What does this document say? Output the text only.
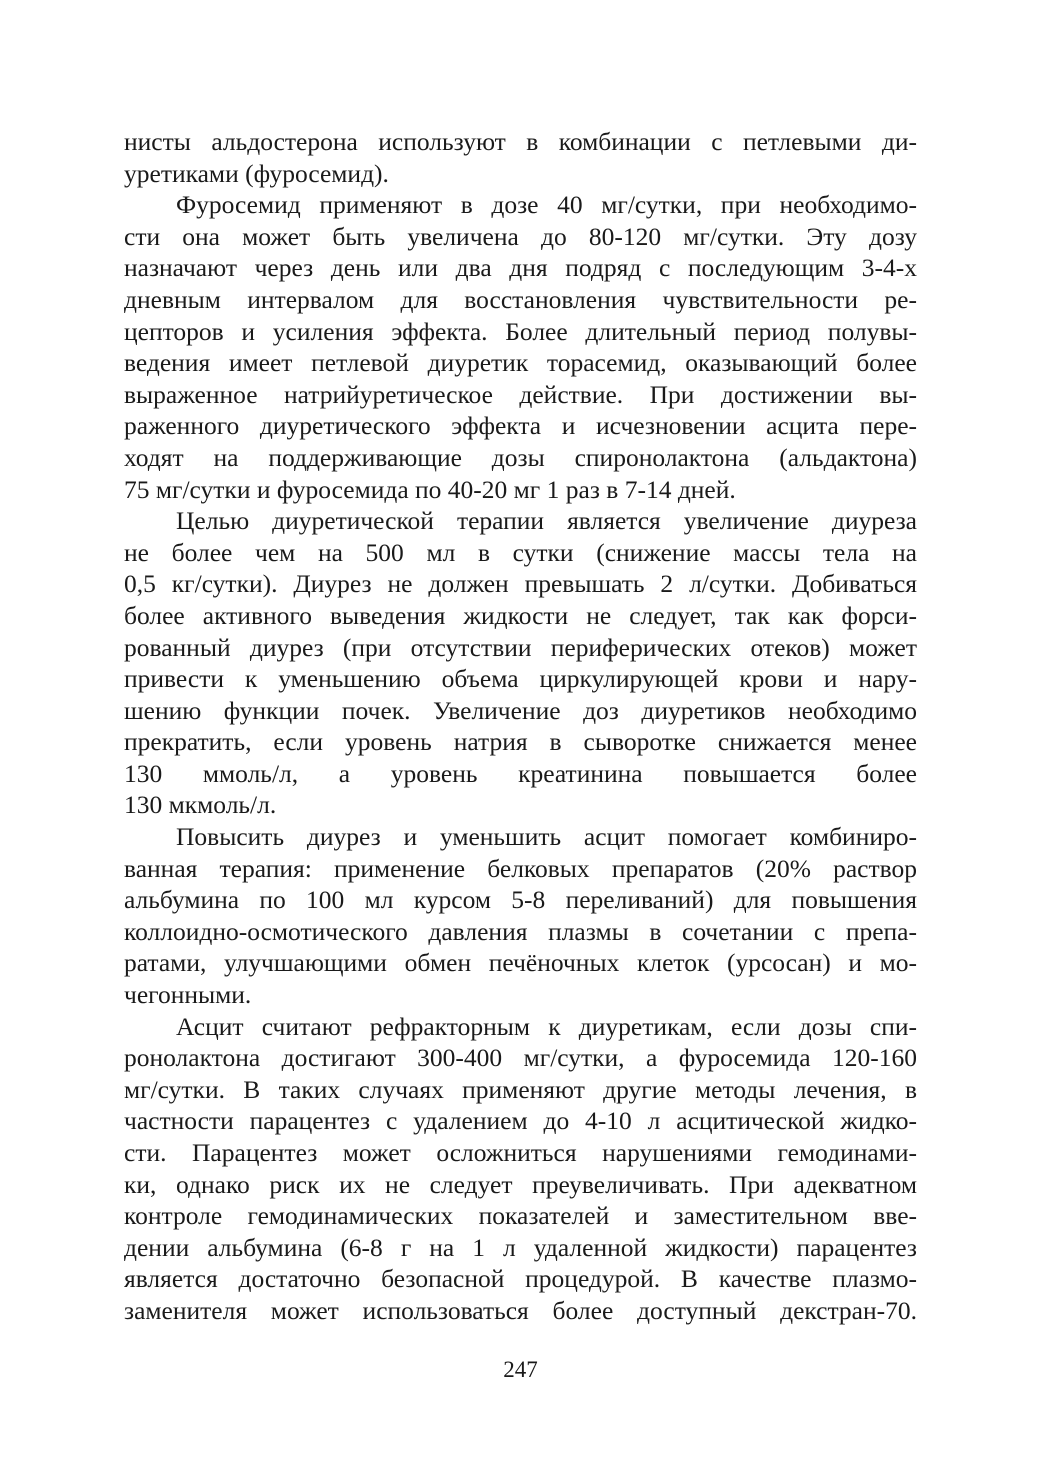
нисты альдостерона используют в комбинации с петлевыми ди-
уретиками (фуросемид).
Фуросемид применяют в дозе 40 мг/сутки, при необходимо-
сти она может быть увеличена до 80-120 мг/сутки. Эту дозу
назначают через день или два дня подряд с последующим 3-4-х
дневным интервалом для восстановления чувствительности ре-
цепторов и усиления эффекта. Более длительный период полувы-
ведения имеет петлевой диуретик торасемид, оказывающий более
выраженное натрийуретическое действие. При достижении вы-
раженного диуретического эффекта и исчезновении асцита пере-
ходят на поддерживающие дозы спиронолактона (альдактона)
75 мг/сутки и фуросемида по 40-20 мг 1 раз в 7-14 дней.
Целью диуретической терапии является увеличение диуреза
не более чем на 500 мл в сутки (снижение массы тела на
0,5 кг/сутки). Диурез не должен превышать 2 л/сутки. Добиваться
более активного выведения жидкости не следует, так как форси-
рованный диурез (при отсутствии периферических отеков) может
привести к уменьшению объема циркулирующей крови и нару-
шению функции почек. Увеличение доз диуретиков необходимо
прекратить, если уровень натрия в сыворотке снижается менее
130 ммоль/л, а уровень креатинина повышается более
130 мкмоль/л.
Повысить диурез и уменьшить асцит помогает комбиниро-
ванная терапия: применение белковых препаратов (20% раствор
альбумина по 100 мл курсом 5-8 переливаний) для повышения
коллоидно-осмотического давления плазмы в сочетании с препа-
ратами, улучшающими обмен печёночных клеток (урсосан) и мо-
чегонными.
Асцит считают рефракторным к диуретикам, если дозы спи-
ронолактона достигают 300-400 мг/сутки, а фуросемида 120-160
мг/сутки. В таких случаях применяют другие методы лечения, в
частности парацентез с удалением до 4-10 л асцитической жидко-
сти. Парацентез может осложниться нарушениями гемодинами-
ки, однако риск их не следует преувеличивать. При адекватном
контроле гемодинамических показателей и заместительном вве-
дении альбумина (6-8 г на 1 л удаленной жидкости) парацентез
является достаточно безопасной процедурой. В качестве плазмо-
заменителя может использоваться более доступный декстран-70.
247
